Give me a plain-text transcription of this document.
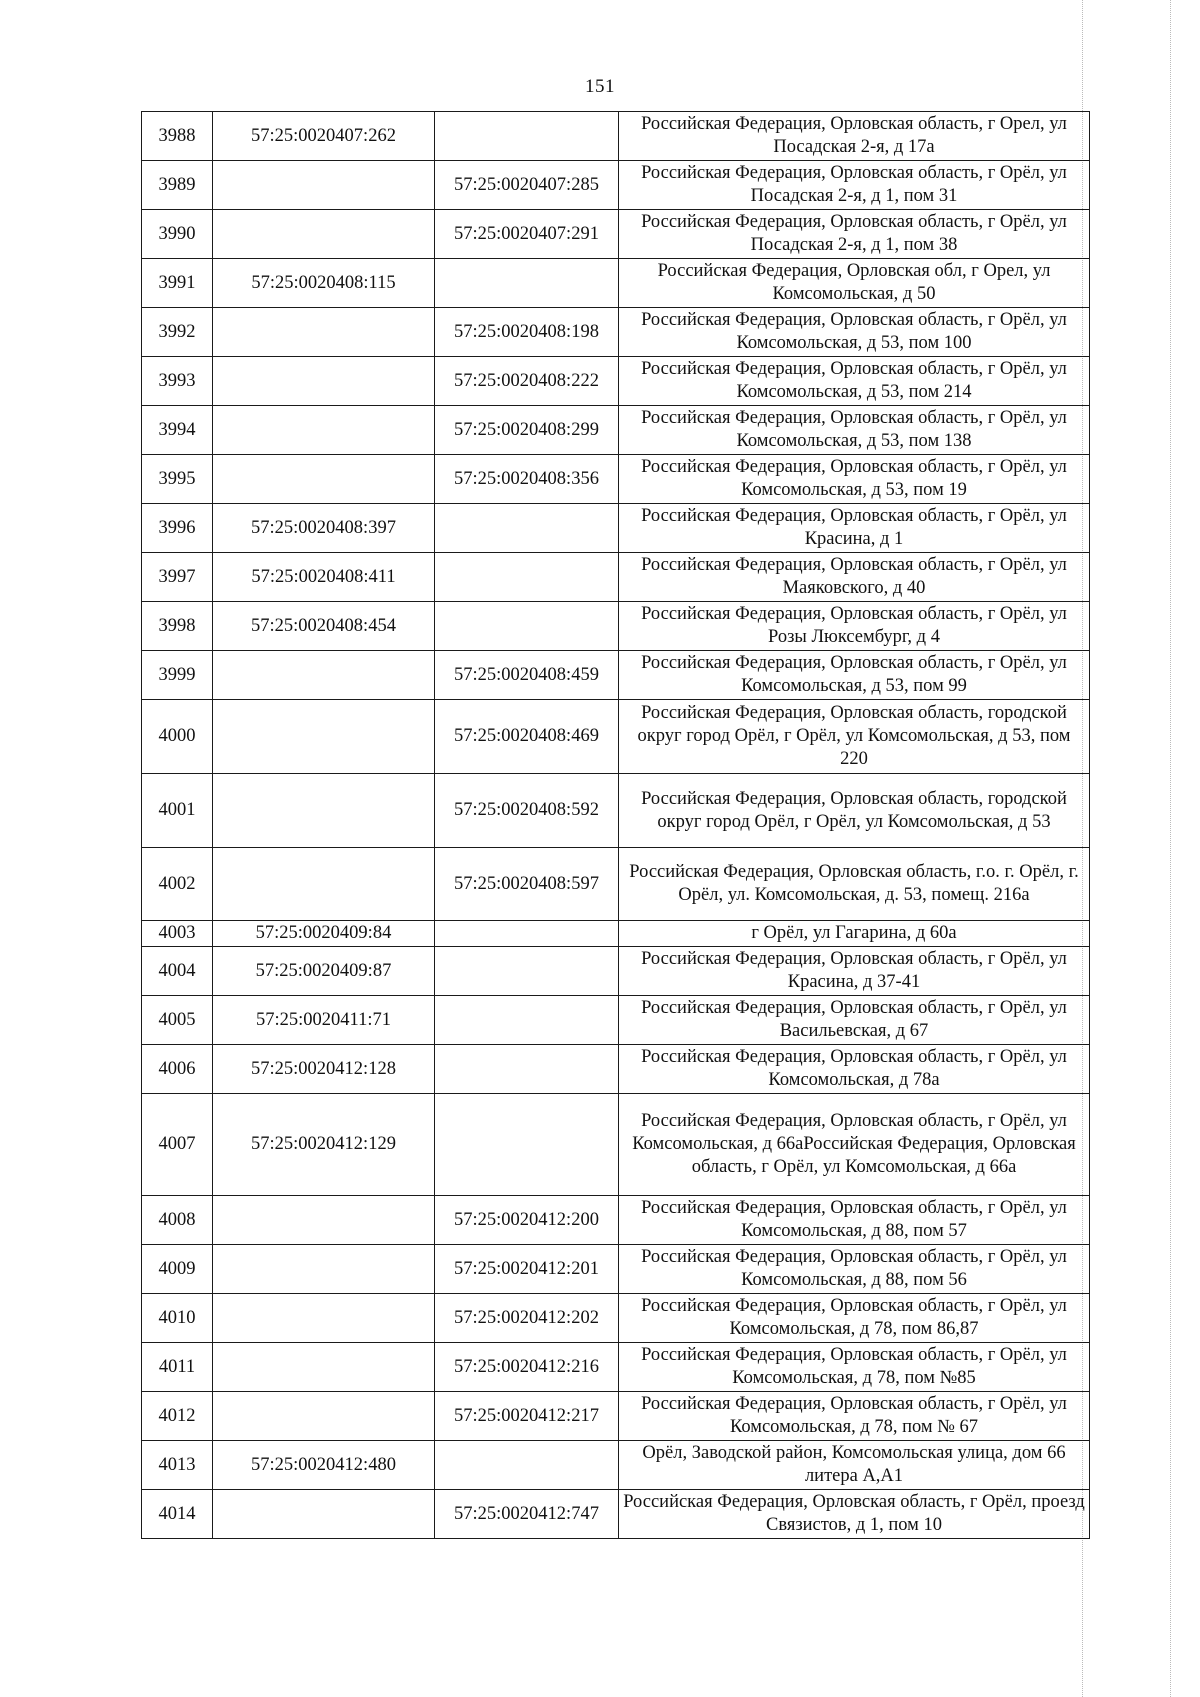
151
3988	57:25:0020407:262		Российская Федерация, Орловская область, г Орел, ул Посадская 2-я, д 17а
3989		57:25:0020407:285	Российская Федерация, Орловская область, г Орёл, ул Посадская 2-я, д 1, пом 31
3990		57:25:0020407:291	Российская Федерация, Орловская область, г Орёл, ул Посадская 2-я, д 1, пом 38
3991	57:25:0020408:115		Российская Федерация, Орловская обл, г Орел, ул Комсомольская, д 50
3992		57:25:0020408:198	Российская Федерация, Орловская область, г Орёл, ул Комсомольская, д 53, пом 100
3993		57:25:0020408:222	Российская Федерация, Орловская область, г Орёл, ул Комсомольская, д 53, пом 214
3994		57:25:0020408:299	Российская Федерация, Орловская область, г Орёл, ул Комсомольская, д 53, пом 138
3995		57:25:0020408:356	Российская Федерация, Орловская область, г Орёл, ул Комсомольская, д 53, пом 19
3996	57:25:0020408:397		Российская Федерация, Орловская область, г Орёл, ул Красина, д 1
3997	57:25:0020408:411		Российская Федерация, Орловская область, г Орёл, ул Маяковского, д 40
3998	57:25:0020408:454		Российская Федерация, Орловская область, г Орёл, ул Розы Люксембург, д 4
3999		57:25:0020408:459	Российская Федерация, Орловская область, г Орёл, ул Комсомольская, д 53, пом 99
4000		57:25:0020408:469	Российская Федерация, Орловская область, городской округ город Орёл, г Орёл, ул Комсомольская, д 53, пом 220
4001		57:25:0020408:592	Российская Федерация, Орловская область, городской округ город Орёл, г Орёл, ул Комсомольская, д 53
4002		57:25:0020408:597	Российская Федерация, Орловская область, г.о. г. Орёл, г. Орёл, ул. Комсомольская, д. 53, помещ. 216а
4003	57:25:0020409:84		г Орёл, ул Гагарина, д 60а
4004	57:25:0020409:87		Российская Федерация, Орловская область, г Орёл, ул Красина, д 37-41
4005	57:25:0020411:71		Российская Федерация, Орловская область, г Орёл, ул Васильевская, д 67
4006	57:25:0020412:128		Российская Федерация, Орловская область, г Орёл, ул Комсомольская, д 78а
4007	57:25:0020412:129		Российская Федерация, Орловская область, г Орёл, ул Комсомольская, д 66аРоссийская Федерация, Орловская область, г Орёл, ул Комсомольская, д 66а
4008		57:25:0020412:200	Российская Федерация, Орловская область, г Орёл, ул Комсомольская, д 88, пом 57
4009		57:25:0020412:201	Российская Федерация, Орловская область, г Орёл, ул Комсомольская, д 88, пом 56
4010		57:25:0020412:202	Российская Федерация, Орловская область, г Орёл, ул Комсомольская, д 78, пом 86,87
4011		57:25:0020412:216	Российская Федерация, Орловская область, г Орёл, ул Комсомольская, д 78, пом №85
4012		57:25:0020412:217	Российская Федерация, Орловская область, г Орёл, ул Комсомольская, д 78, пом № 67
4013	57:25:0020412:480		Орёл, Заводской район, Комсомольская улица, дом 66 литера А,А1
4014		57:25:0020412:747	Российская Федерация, Орловская область, г Орёл, проезд Связистов, д 1, пом 10
